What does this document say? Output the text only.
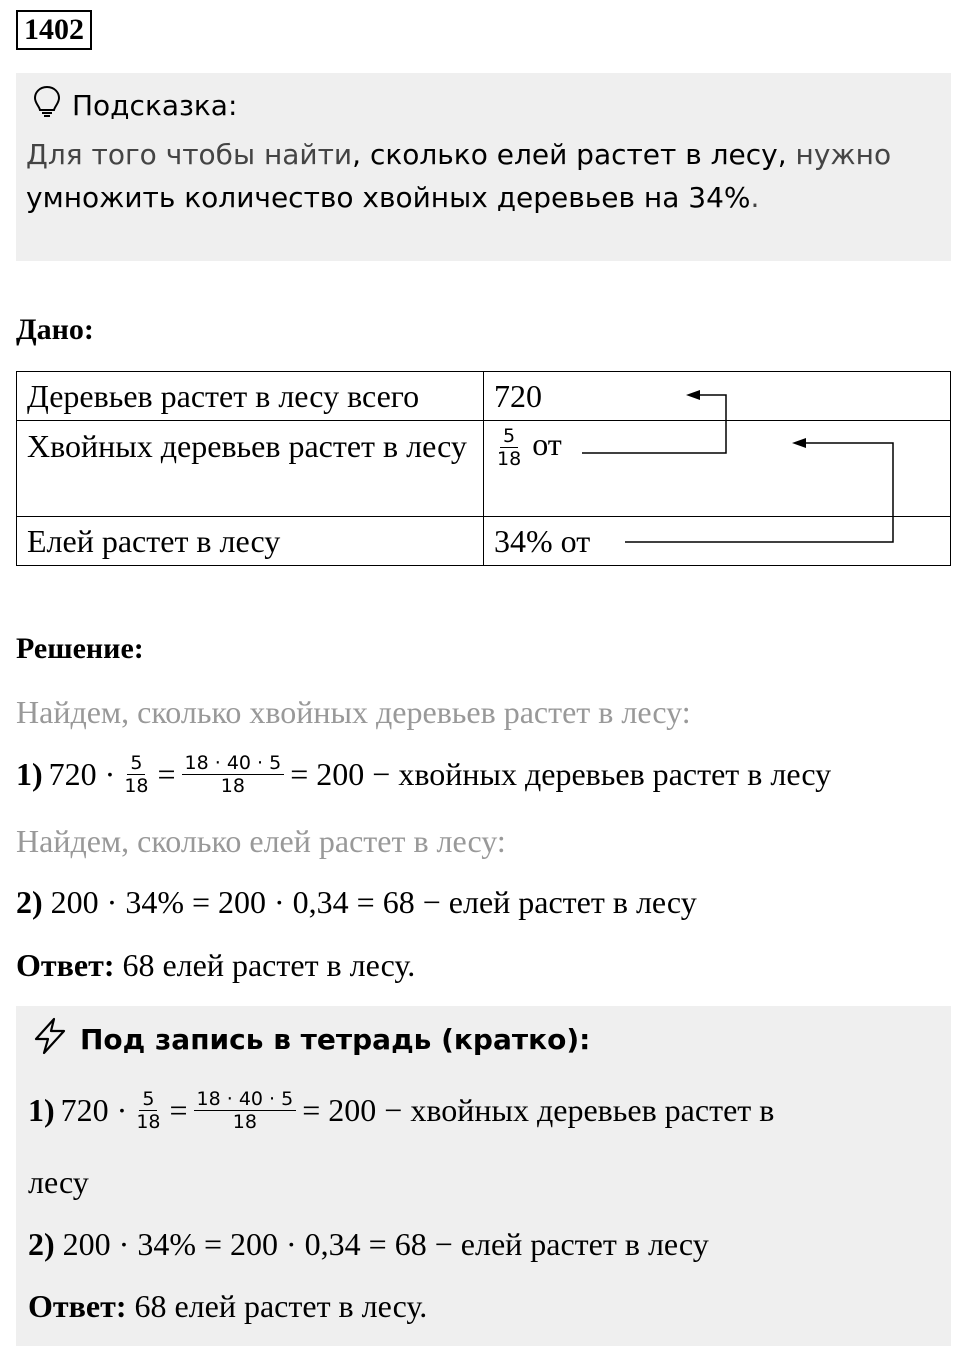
1402
Подсказка:
Для того чтобы найти, сколько елей растет в лесу, нужно умножить количество хвойных деревьев на 34%.
Дано:
Деревьев растет в лесу всего	720
Хвойных деревьев растет в лесу	$\frac{5}{18}$ от
Елей растет в лесу	34% от
Решение:
Найдем, сколько хвойных деревьев растет в лесу:
1) $720 \cdot \frac{5}{18} = \frac{18 \cdot 40 \cdot 5}{18} = 200$ − хвойных деревьев растет в лесу
Найдем, сколько елей растет в лесу:
2) 200 · 34% = 200 · 0,34 = 68 − елей растет в лесу
Ответ: 68 елей растет в лесу.
Под запись в тетрадь (кратко):
1) $720 \cdot \frac{5}{18} = \frac{18 \cdot 40 \cdot 5}{18} = 200$ − хвойных деревьев растет в
лесу
2) 200 · 34% = 200 · 0,34 = 68 − елей растет в лесу
Ответ: 68 елей растет в лесу.
